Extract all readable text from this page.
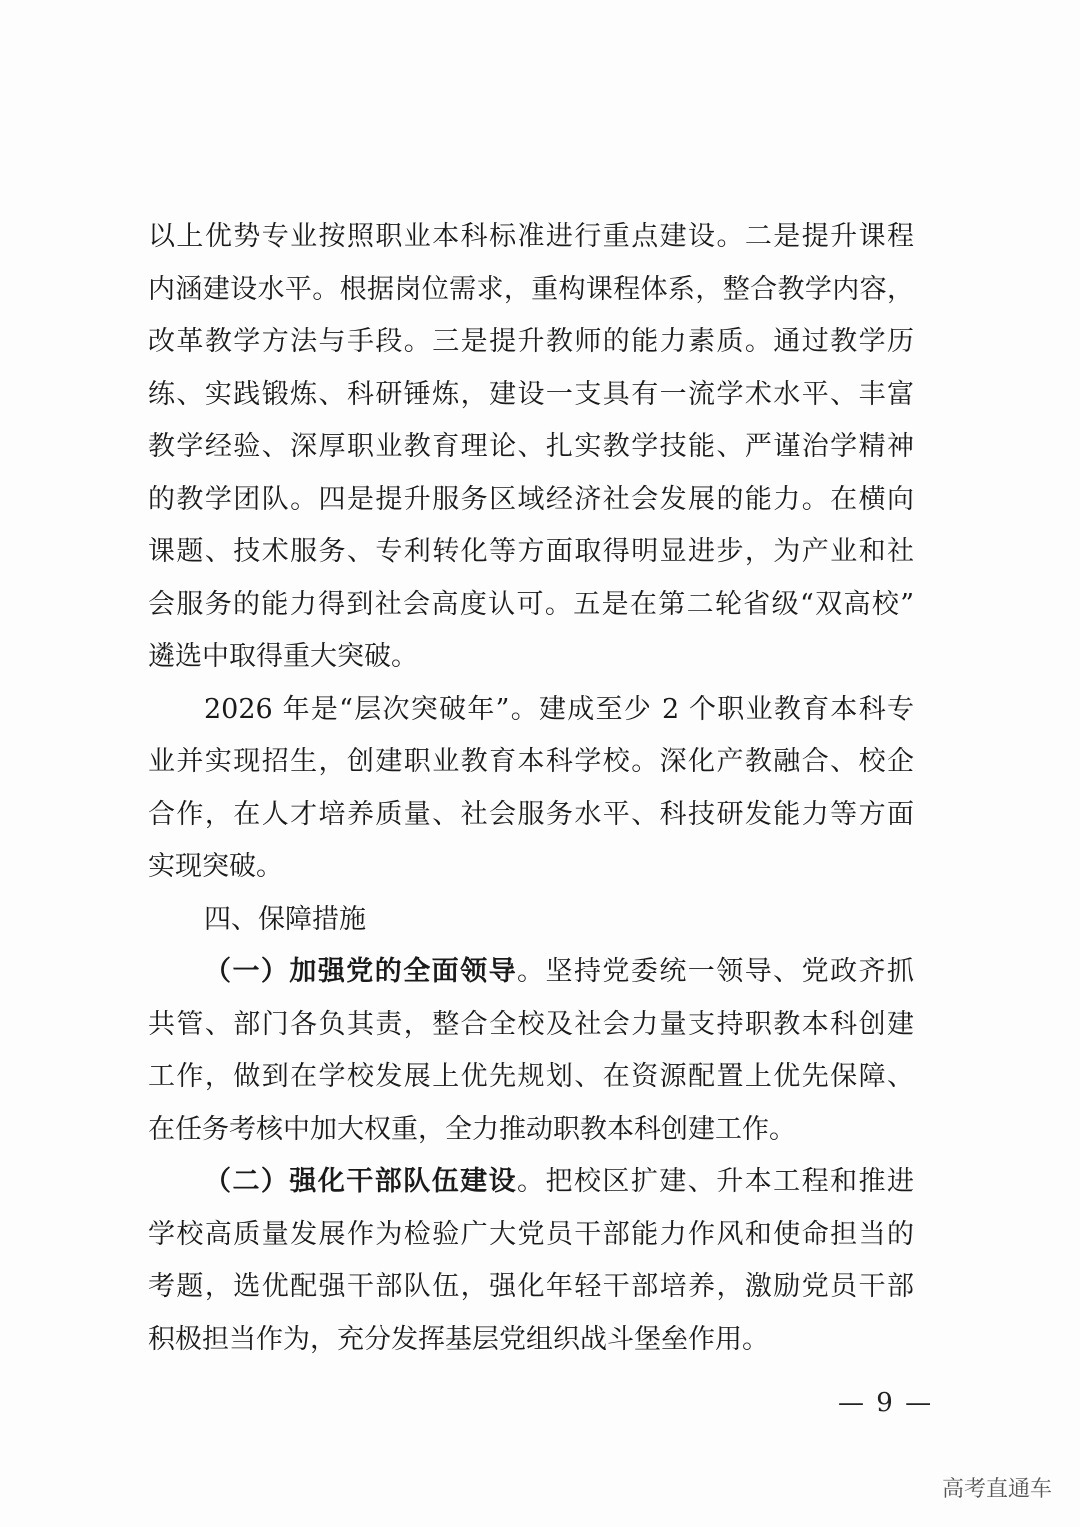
以上优势专业按照职业本科标准进行重点建设。二是提升课程
内涵建设水平。根据岗位需求，重构课程体系，整合教学内容，
改革教学方法与手段。三是提升教师的能力素质。通过教学历
练、实践锻炼、科研锤炼，建设一支具有一流学术水平、丰富
教学经验、深厚职业教育理论、扎实教学技能、严谨治学精神
的教学团队。四是提升服务区域经济社会发展的能力。在横向
课题、技术服务、专利转化等方面取得明显进步，为产业和社
会服务的能力得到社会高度认可。五是在第二轮省级“双高校”
遴选中取得重大突破。
2026 年是“层次突破年”。建成至少 2 个职业教育本科专
业并实现招生，创建职业教育本科学校。深化产教融合、校企
合作，在人才培养质量、社会服务水平、科技研发能力等方面
实现突破。
四、保障措施
（一）加强党的全面领导。坚持党委统一领导、党政齐抓
共管、部门各负其责，整合全校及社会力量支持职教本科创建
工作，做到在学校发展上优先规划、在资源配置上优先保障、
在任务考核中加大权重，全力推动职教本科创建工作。
（二）强化干部队伍建设。把校区扩建、升本工程和推进
学校高质量发展作为检验广大党员干部能力作风和使命担当的
考题，选优配强干部队伍，强化年轻干部培养，激励党员干部
积极担当作为，充分发挥基层党组织战斗堡垒作用。
— 9 —
高考直通车
